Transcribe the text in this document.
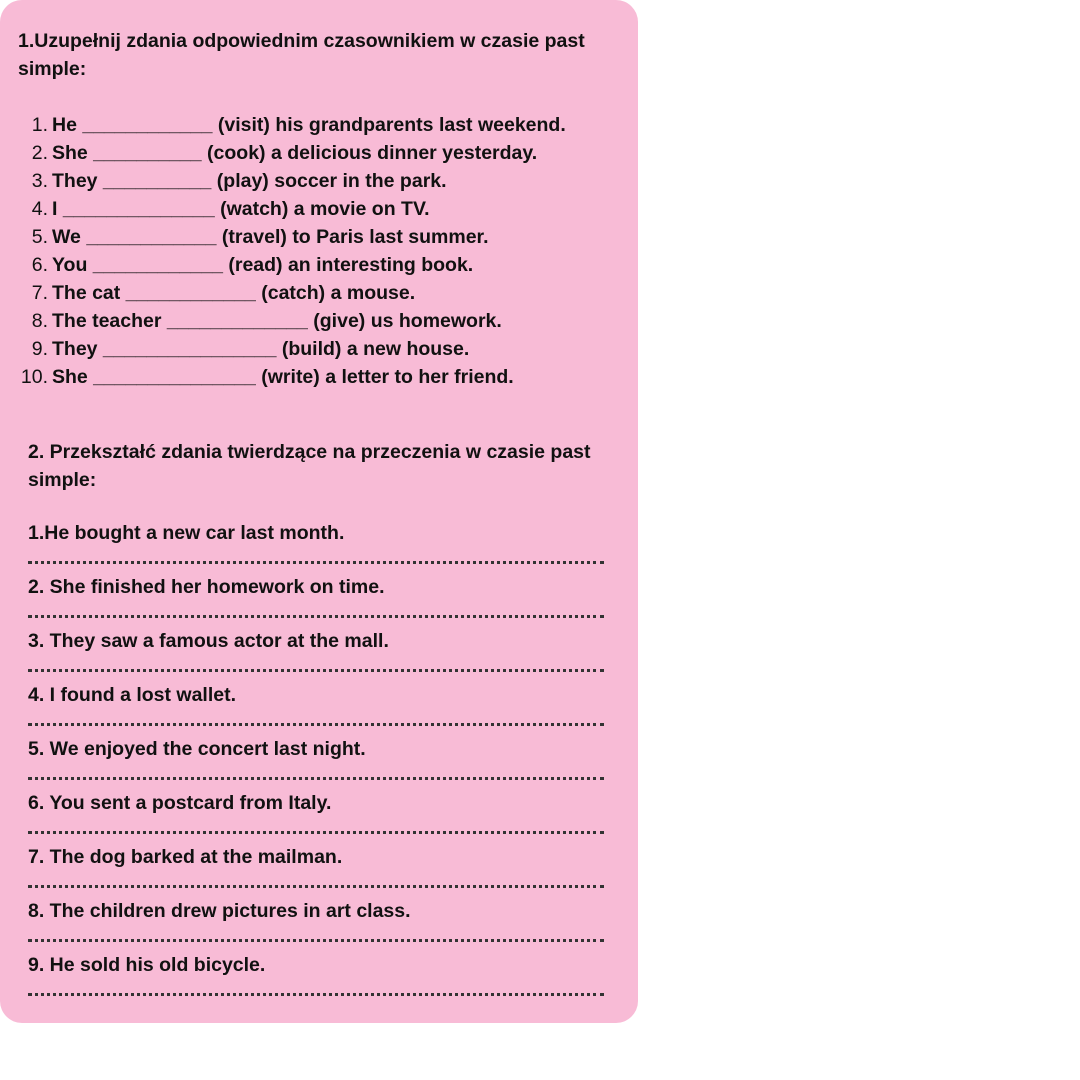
1.Uzupełnij zdania odpowiednim czasownikiem w czasie past simple:
1. He ____________ (visit) his grandparents last weekend.
2. She __________ (cook) a delicious dinner yesterday.
3. They __________ (play) soccer in the park.
4. I ______________ (watch) a movie on TV.
5. We ____________ (travel) to Paris last summer.
6. You ____________ (read) an interesting book.
7. The cat ____________ (catch) a mouse.
8. The teacher _____________ (give) us homework.
9. They ________________ (build) a new house.
10. She _______________ (write) a letter to her friend.
2. Przekształć zdania twierdzące na przeczenia w czasie past simple:
1.He bought a new car last month.
2. She finished her homework on time.
3. They saw a famous actor at the mall.
4. I found a lost wallet.
5. We enjoyed the concert last night.
6. You sent a postcard from Italy.
7. The dog barked at the mailman.
8. The children drew pictures in art class.
9. He sold his old bicycle.
